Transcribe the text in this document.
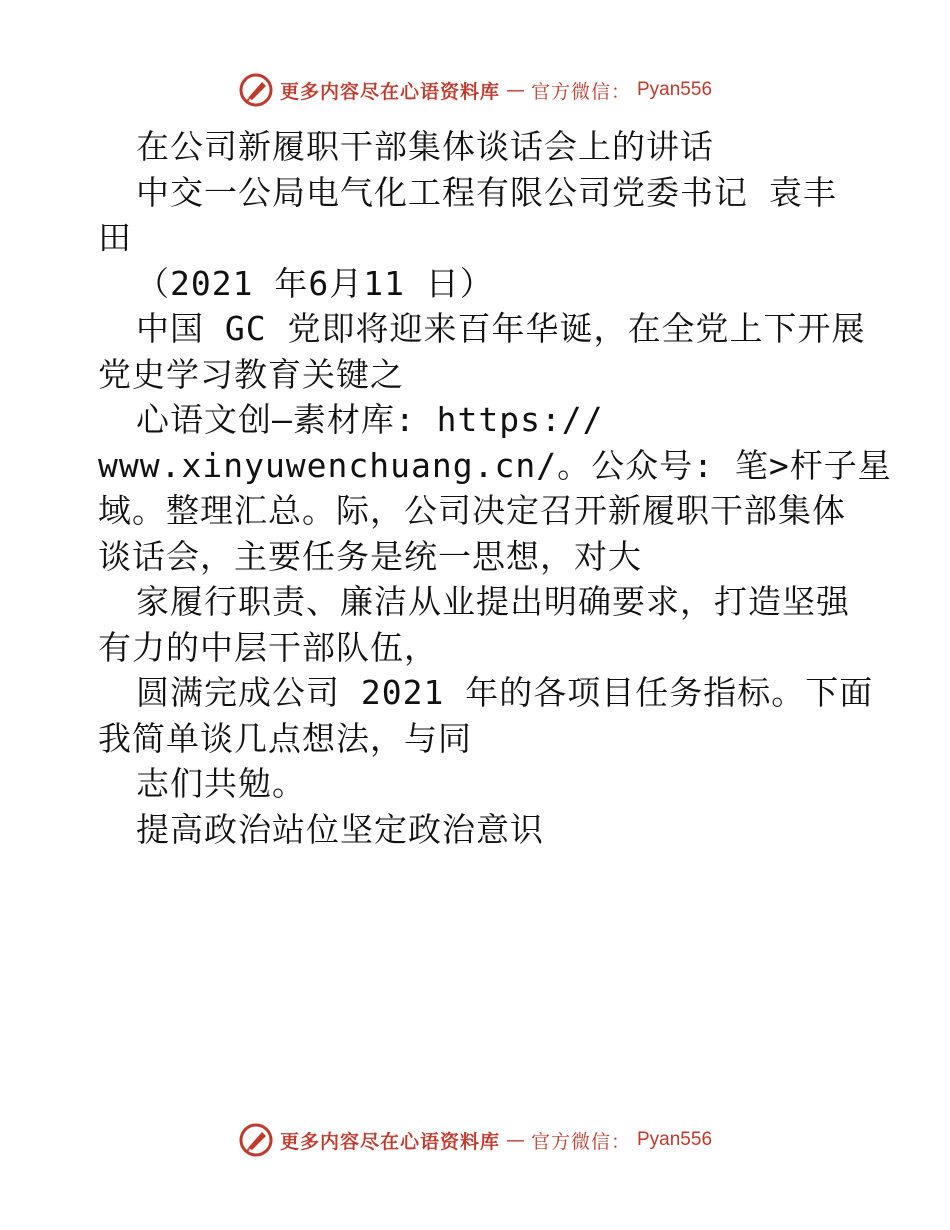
更多内容尽在心语资料库 — 官方微信： Pyan556

在公司新履职干部集体谈话会上的讲话

中交一公局电气化工程有限公司党委书记 袁丰

田

（2021 年6月11 日）

中国 GC 党即将迎来百年华诞，在全党上下开展

党史学习教育关键之

心语文创—素材库: https://

www.xinyuwenchuang.cn/。公众号: 笔>杆子星

域。整理汇总。际，公司决定召开新履职干部集体

谈话会，主要任务是统一思想，对大

家履行职责、廉洁从业提出明确要求，打造坚强

有力的中层干部队伍，

圆满完成公司 2021 年的各项目任务指标。下面

我简单谈几点想法，与同

志们共勉。

提高政治站位坚定政治意识

更多内容尽在心语资料库 — 官方微信： Pyan556
